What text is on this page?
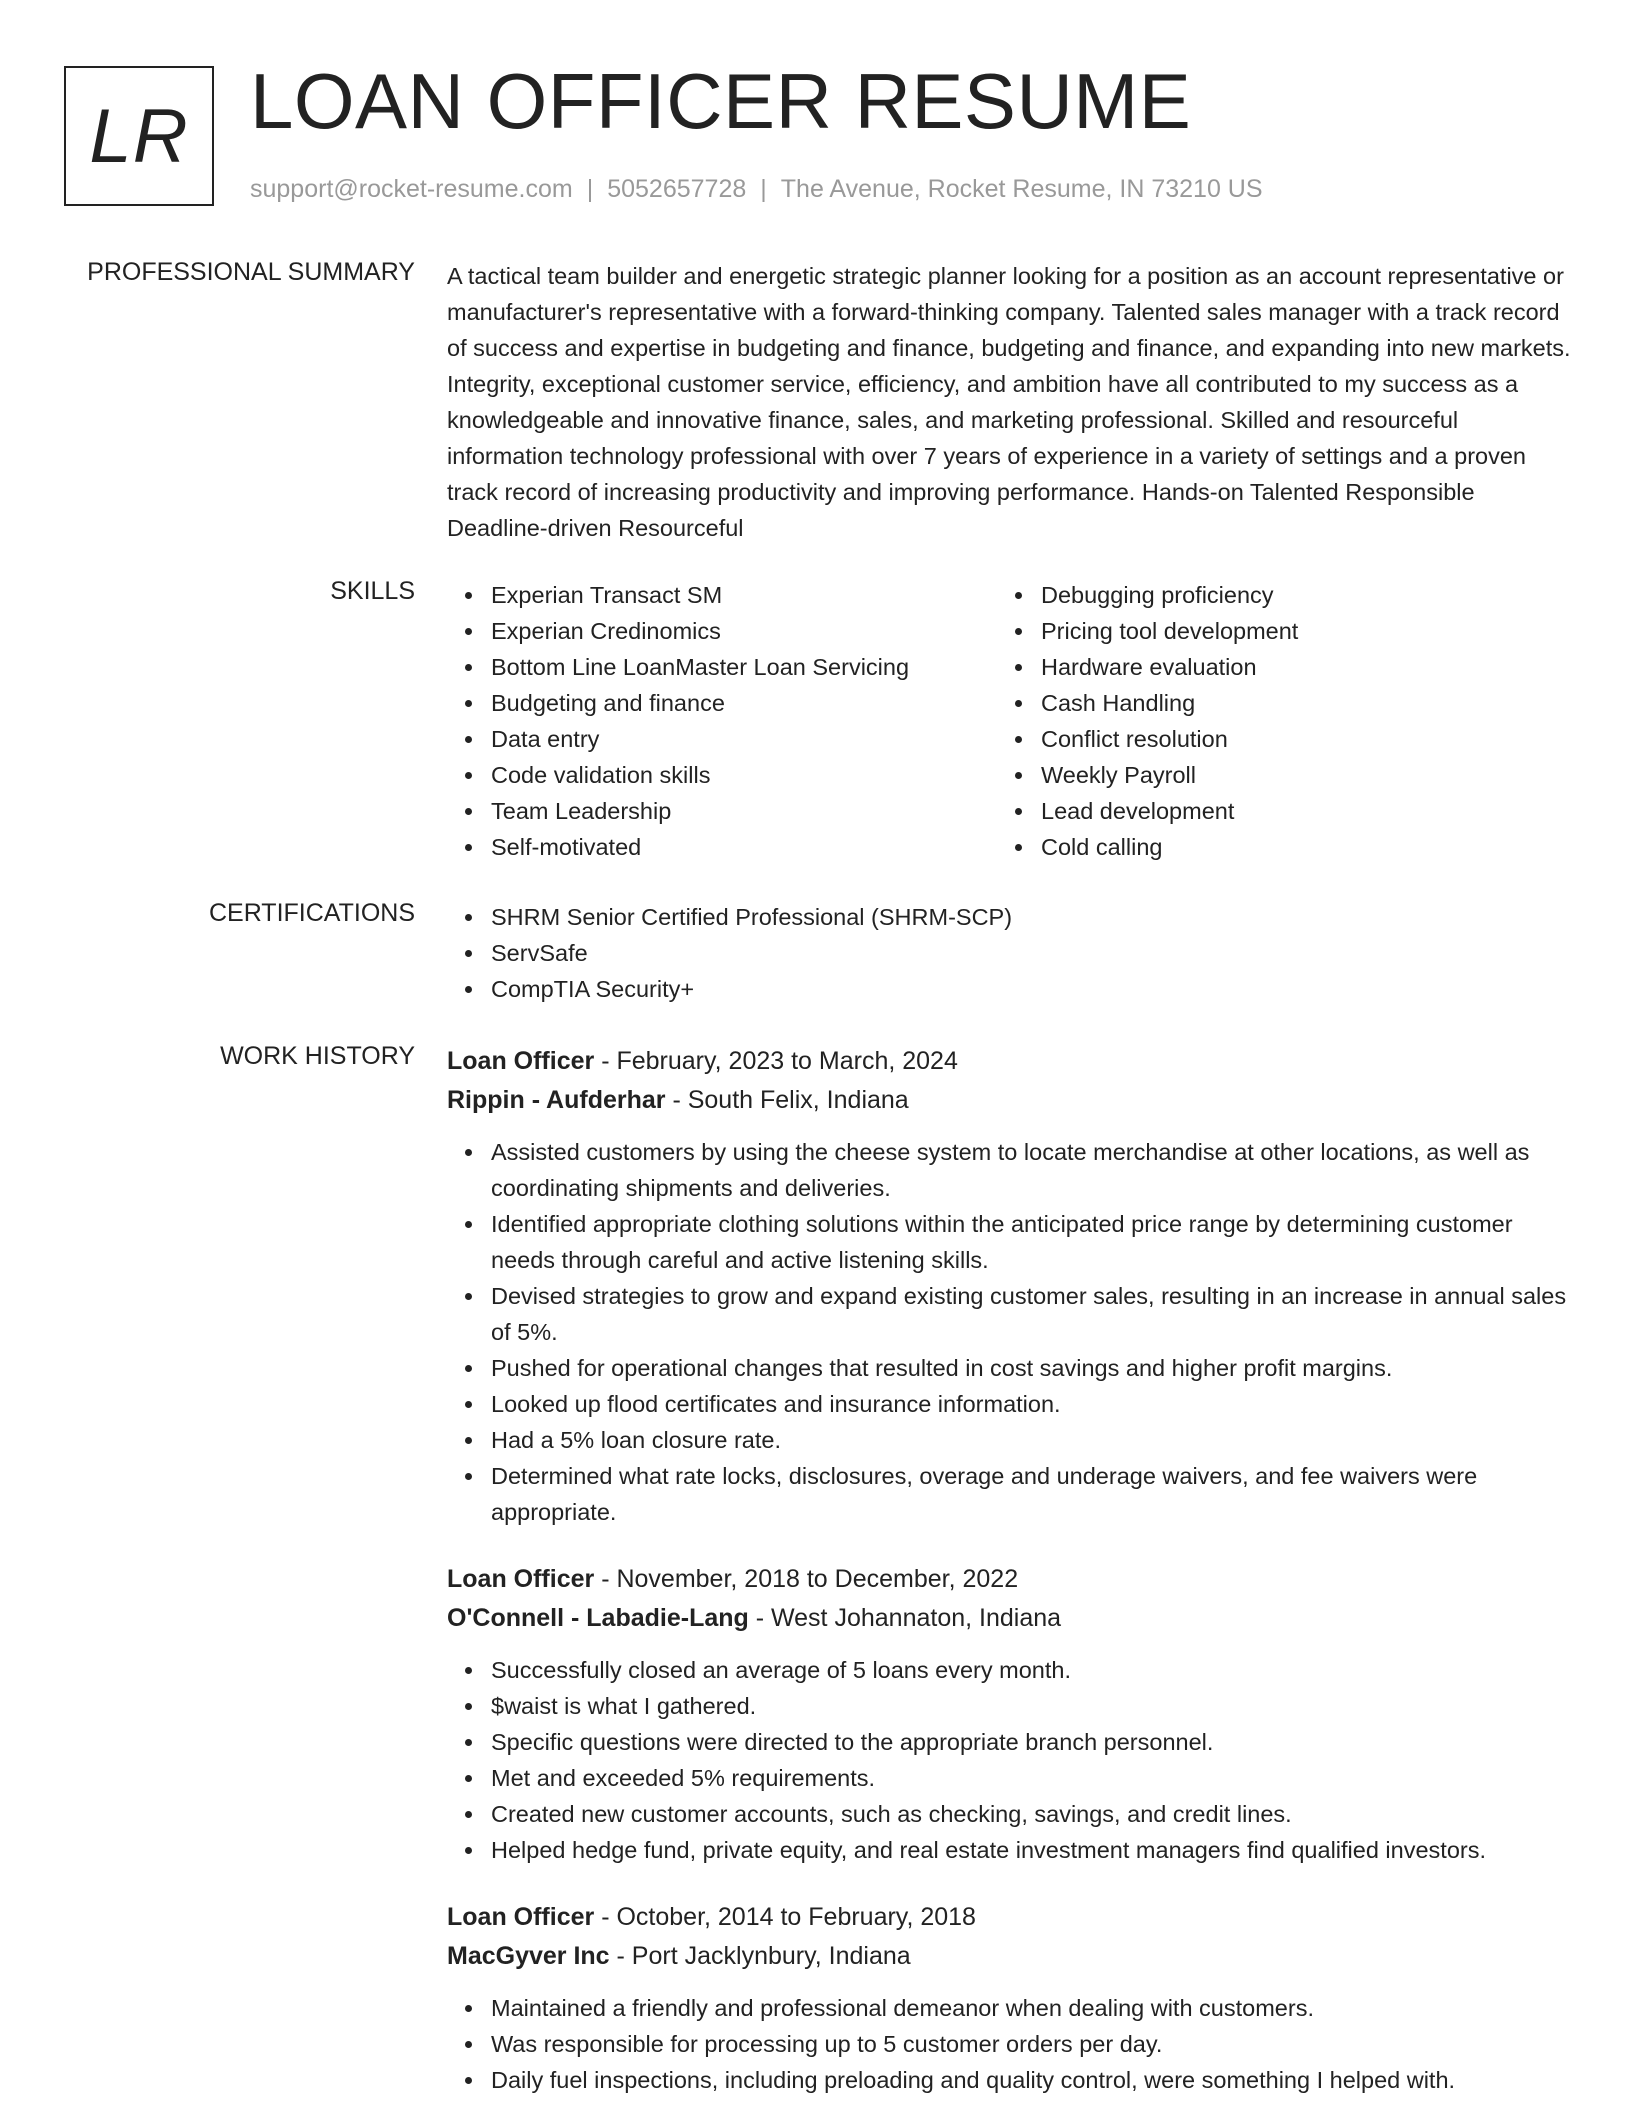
LR LOAN OFFICER RESUME
support@rocket-resume.com | 5052657728 | The Avenue, Rocket Resume, IN 73210 US
PROFESSIONAL SUMMARY A tactical team builder and energetic strategic planner looking for a position as an account representative or manufacturer's representative with a forward-thinking company. Talented sales manager with a track record of success and expertise in budgeting and finance, budgeting and finance, and expanding into new markets. Integrity, exceptional customer service, efficiency, and ambition have all contributed to my success as a knowledgeable and innovative finance, sales, and marketing professional. Skilled and resourceful information technology professional with over 7 years of experience in a variety of settings and a proven track record of increasing productivity and improving performance. Hands-on Talented Responsible Deadline-driven Resourceful

SKILLS	Experian Transact SM
Experian Credinomics
Bottom Line LoanMaster Loan Servicing
Budgeting and finance
Data entry
Code validation skills
Team Leadership
Self-motivated
Debugging proficiency
Pricing tool development
Hardware evaluation
Cash Handling
Conflict resolution
Weekly Payroll
Lead development
Cold calling
CERTIFICATIONS	SHRM Senior Certified Professional (SHRM-SCP)
ServSafe
CompTIA Security+
WORK HISTORY Loan Officer - February, 2023 to March, 2024
Rippin - Aufderhar - South Felix, Indiana
Assisted customers by using the cheese system to locate merchandise at other locations, as well as coordinating shipments and deliveries.
Identified appropriate clothing solutions within the anticipated price range by determining customer needs through careful and active listening skills.
Devised strategies to grow and expand existing customer sales, resulting in an increase in annual sales of 5%.
Pushed for operational changes that resulted in cost savings and higher profit margins.
Looked up flood certificates and insurance information.
Had a 5% loan closure rate.
Determined what rate locks, disclosures, overage and underage waivers, and fee waivers were appropriate.
Loan Officer - November, 2018 to December, 2022
O'Connell - Labadie-Lang - West Johannaton, Indiana
Successfully closed an average of 5 loans every month.
$waist is what I gathered.
Specific questions were directed to the appropriate branch personnel.
Met and exceeded 5% requirements.
Created new customer accounts, such as checking, savings, and credit lines.
Helped hedge fund, private equity, and real estate investment managers find qualified investors.
Loan Officer - October, 2014 to February, 2018
MacGyver Inc - Port Jacklynbury, Indiana
Maintained a friendly and professional demeanor when dealing with customers.
Was responsible for processing up to 5 customer orders per day.
Daily fuel inspections, including preloading and quality control, were something I helped with.
